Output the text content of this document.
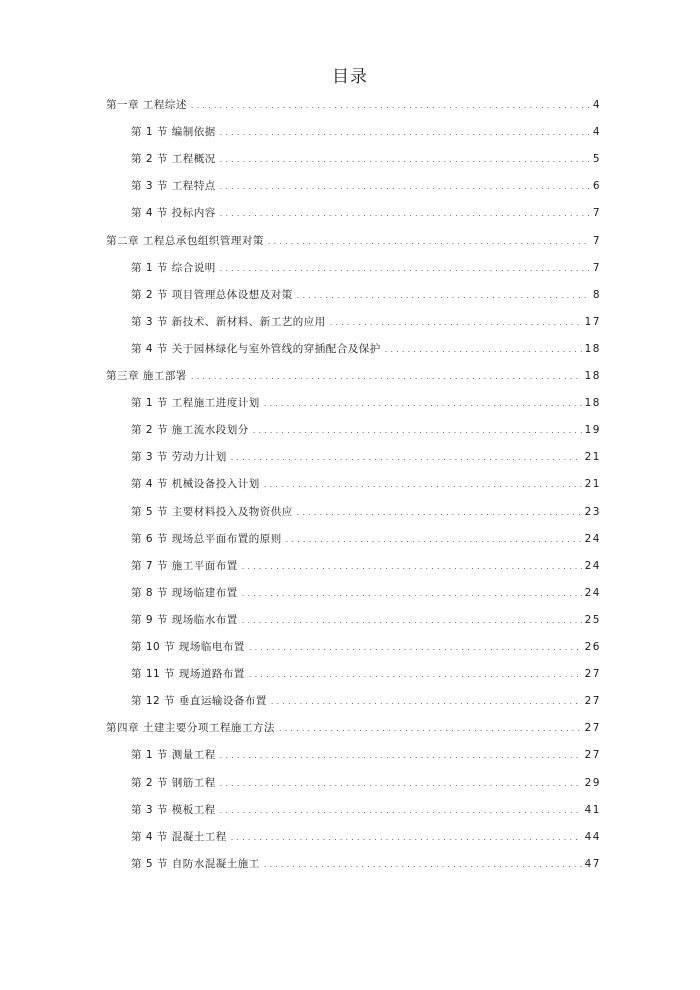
目录
第一章 工程综述 .....	4
第 1 节 编制依据 .....	4
第 2 节 工程概况 .....	5
第 3 节 工程特点 .....	6
第 4 节 投标内容 .....	7
第二章 工程总承包组织管理对策 .....	7
第 1 节 综合说明 .....	7
第 2 节 项目管理总体设想及对策 .....	8
第 3 节 新技术、新材料、新工艺的应用 .....	17
第 4 节 关于园林绿化与室外管线的穿插配合及保护 .....	18
第三章 施工部署 .....	18
第 1 节 工程施工进度计划 .....	18
第 2 节 施工流水段划分 .....	19
第 3 节 劳动力计划 .....	21
第 4 节 机械设备投入计划 .....	21
第 5 节 主要材料投入及物资供应 .....	23
第 6 节 现场总平面布置的原则 .....	24
第 7 节 施工平面布置 .....	24
第 8 节 现场临建布置 .....	24
第 9 节 现场临水布置 .....	25
第 10 节 现场临电布置 .....	26
第 11 节 现场道路布置 .....	27
第 12 节 垂直运输设备布置 .....	27
第四章 土建主要分项工程施工方法 .....	27
第 1 节 测量工程 .....	27
第 2 节 钢筋工程 .....	29
第 3 节 模板工程 .....	41
第 4 节 混凝土工程 .....	44
第 5 节 自防水混凝土施工 .....	47
